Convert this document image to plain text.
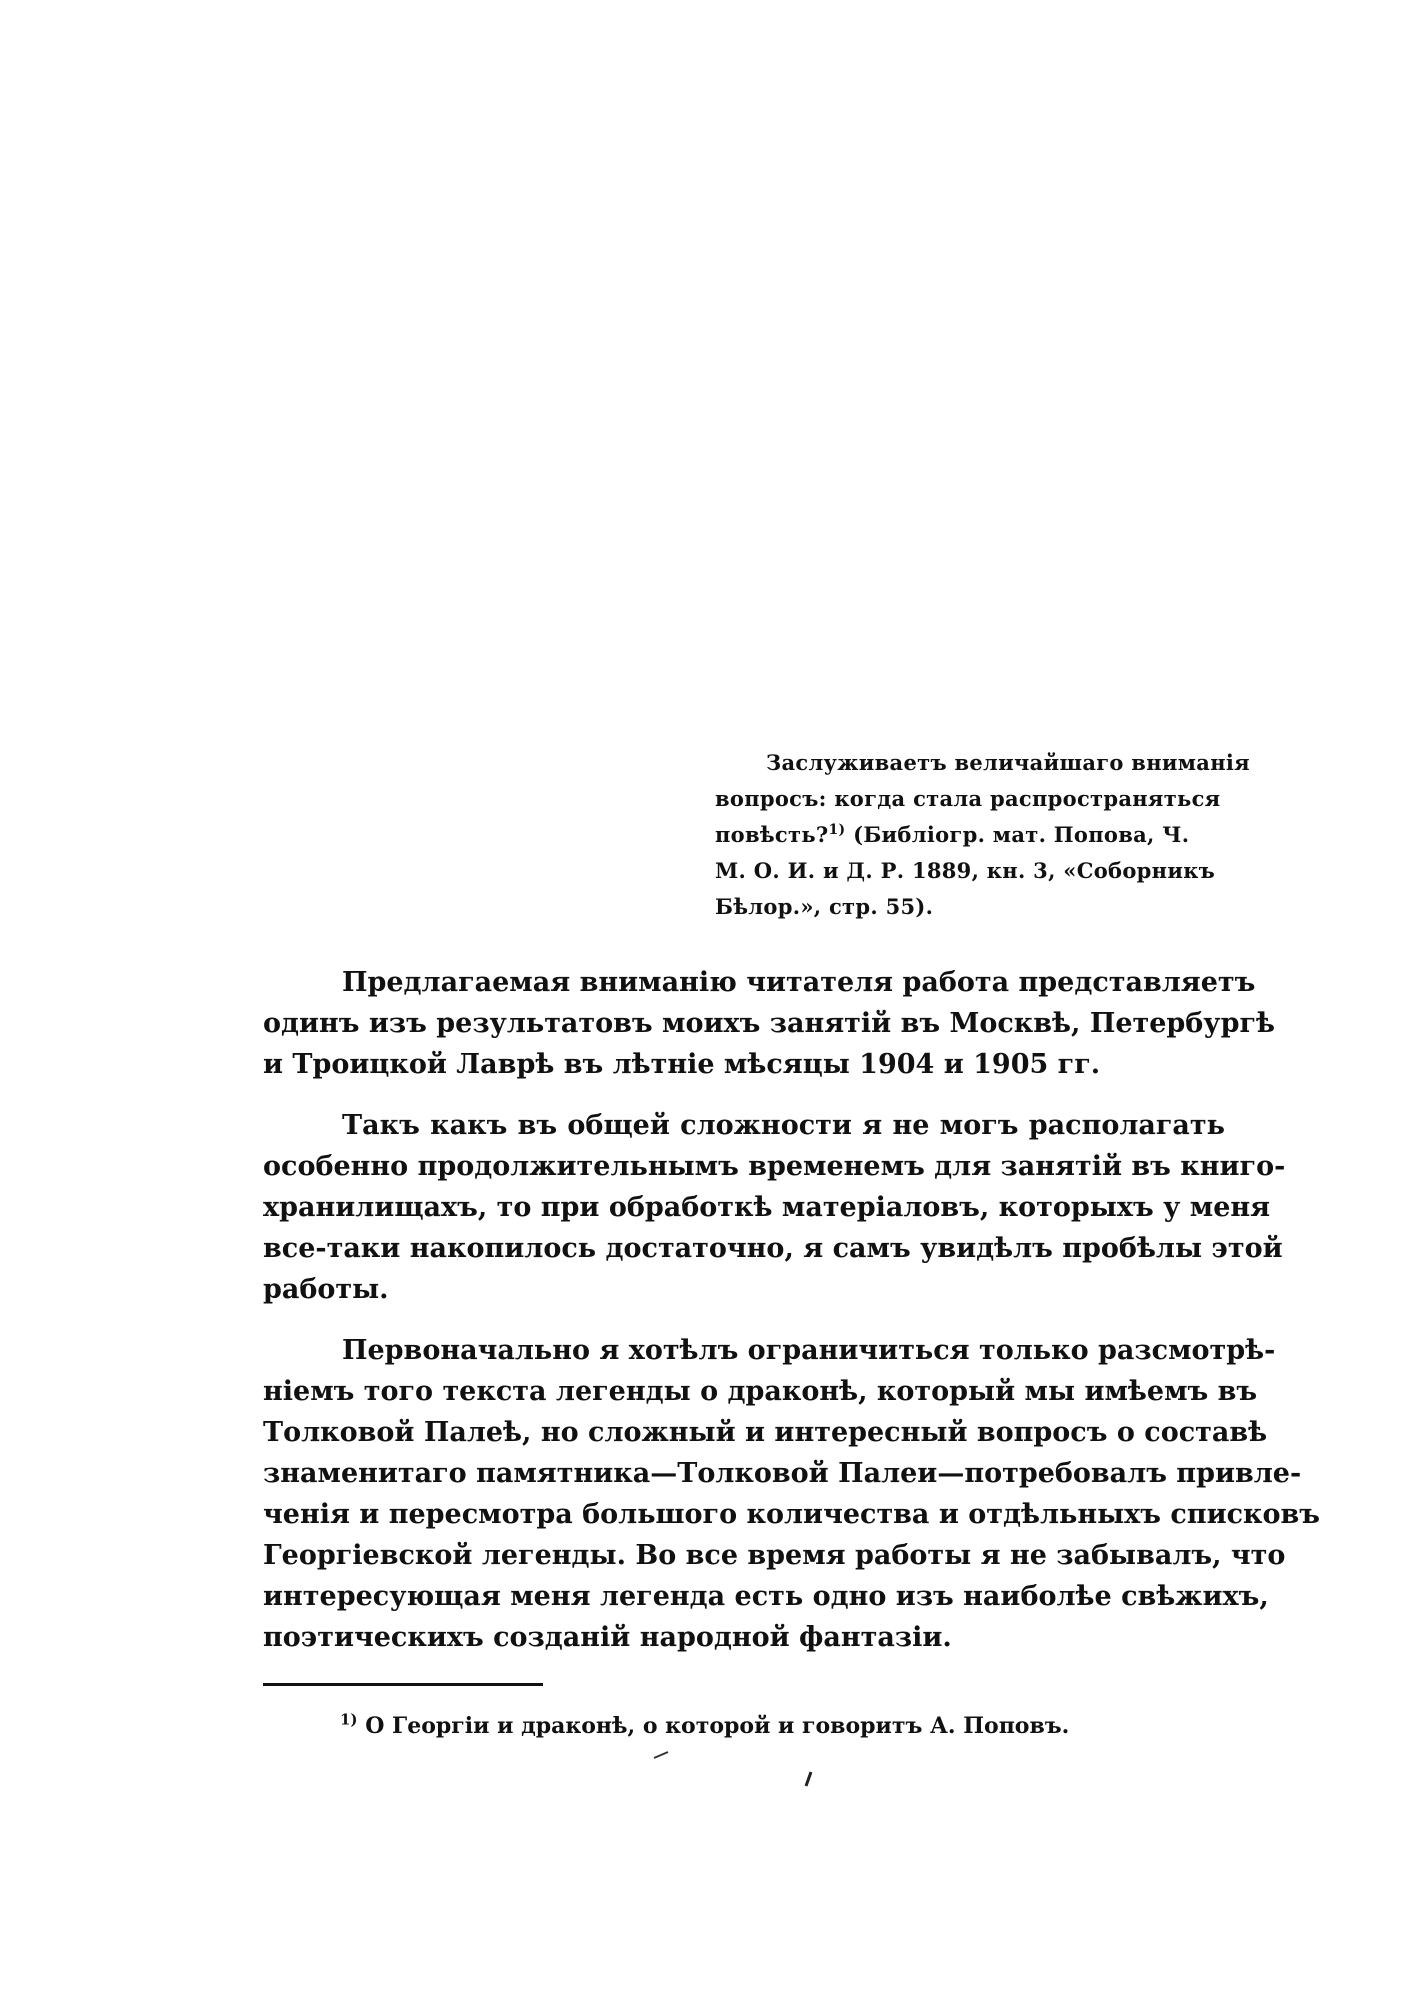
Заслуживаетъ величайшаго вниманія
вопросъ: когда стала распространяться
повѣсть?$^{1)}$ (Библіогр. мат. Попова, Ч.
М. О. И. и Д. Р. 1889, кн. 3, «Соборникъ
Бѣлор.», стр. 55).

Предлагаемая вниманію читателя работа представляетъ
одинъ изъ результатовъ моихъ занятій въ Москвѣ, Петербургѣ
и Троицкой Лаврѣ въ лѣтніе мѣсяцы 1904 и 1905 гг.

Такъ какъ въ общей сложности я не могъ располагать
особенно продолжительнымъ временемъ для занятій въ книго-
хранилищахъ, то при обработкѣ матеріаловъ, которыхъ у меня
все-таки накопилось достаточно, я самъ увидѣлъ пробѣлы этой
работы.

Первоначально я хотѣлъ ограничиться только разсмотрѣ-
ніемъ того текста легенды о драконѣ, который мы имѣемъ въ
Толковой Палеѣ, но сложный и интересный вопросъ о составѣ
знаменитаго памятника—Толковой Палеи—потребовалъ привле-
ченія и пересмотра большого количества и отдѣльныхъ списковъ
Георгіевской легенды. Во все время работы я не забывалъ, что
интересующая меня легенда есть одно изъ наиболѣе свѣжихъ,
поэтическихъ созданій народной фантазіи.

$^{1)}$ О Георгіи и драконѣ, о которой и говоритъ А. Поповъ.
